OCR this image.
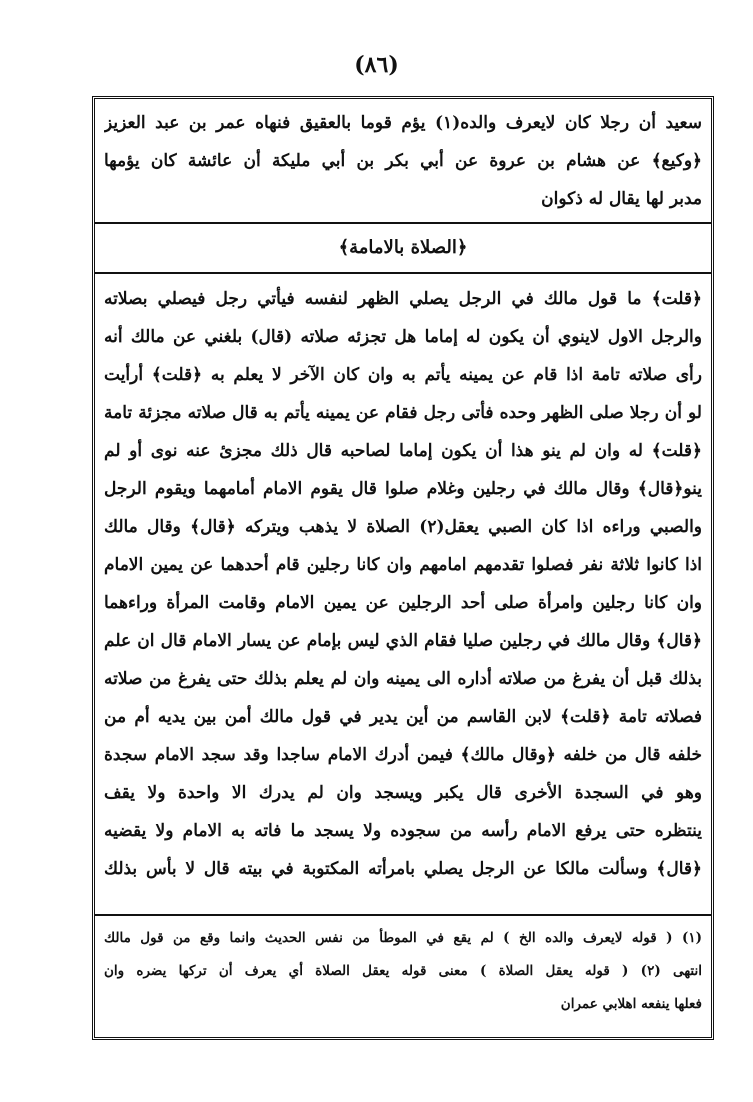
(٨٦)
سعيد أن رجلا كان لايعرف والده(١) يؤم قوما بالعقيق فنهاه عمر بن عبد العزيز
﴿وكيع﴾ عن هشام بن عروة عن أبي بكر بن أبي مليكة أن عائشة كان يؤمها
مدبر لها يقال له ذكوان
﴿الصلاة بالامامة﴾
﴿قلت﴾ ما قول مالك في الرجل يصلي الظهر لنفسه فيأتي رجل فيصلي بصلاته
والرجل الاول لاينوي أن يكون له إماما هل تجزئه صلاته (قال) بلغني عن مالك أنه
رأى صلاته تامة اذا قام عن يمينه يأتم به وان كان الآخر لا يعلم به ﴿قلت﴾ أرأيت
لو أن رجلا صلى الظهر وحده فأتى رجل فقام عن يمينه يأتم به قال صلاته مجزئة تامة
﴿قلت﴾ له وان لم ينو هذا أن يكون إماما لصاحبه قال ذلك مجزئ عنه نوى أو لم
ينو﴿قال﴾ وقال مالك في رجلين وغلام صلوا قال يقوم الامام أمامهما ويقوم الرجل
والصبي وراءه اذا كان الصبي يعقل(٢) الصلاة لا يذهب ويتركه ﴿قال﴾ وقال مالك
اذا كانوا ثلاثة نفر فصلوا تقدمهم امامهم وان كانا رجلين قام أحدهما عن يمين الامام
وان كانا رجلين وامرأة صلى أحد الرجلين عن يمين الامام وقامت المرأة وراءهما
﴿قال﴾ وقال مالك في رجلين صليا فقام الذي ليس بإمام عن يسار الامام قال ان علم
بذلك قبل أن يفرغ من صلاته أداره الى يمينه وان لم يعلم بذلك حتى يفرغ من صلاته
فصلاته تامة ﴿قلت﴾ لابن القاسم من أين يدير في قول مالك أمن بين يديه أم من
خلفه قال من خلفه ﴿وقال مالك﴾ فيمن أدرك الامام ساجدا وقد سجد الامام سجدة
وهو في السجدة الأخرى قال يكبر ويسجد وان لم يدرك الا واحدة ولا يقف
ينتظره حتى يرفع الامام رأسه من سجوده ولا يسجد ما فاته به الامام ولا يقضيه
﴿قال﴾ وسألت مالكا عن الرجل يصلي بامرأته المكتوبة في بيته قال لا بأس بذلك
(١) ( قوله لايعرف والده الخ ) لم يقع في الموطأ من نفس الحديث وانما وقع من قول مالك
انتهى (٢) ( قوله يعقل الصلاة ) معنى قوله يعقل الصلاة أي يعرف أن تركها يضره وان
فعلها ينفعه اهلابي عمران
